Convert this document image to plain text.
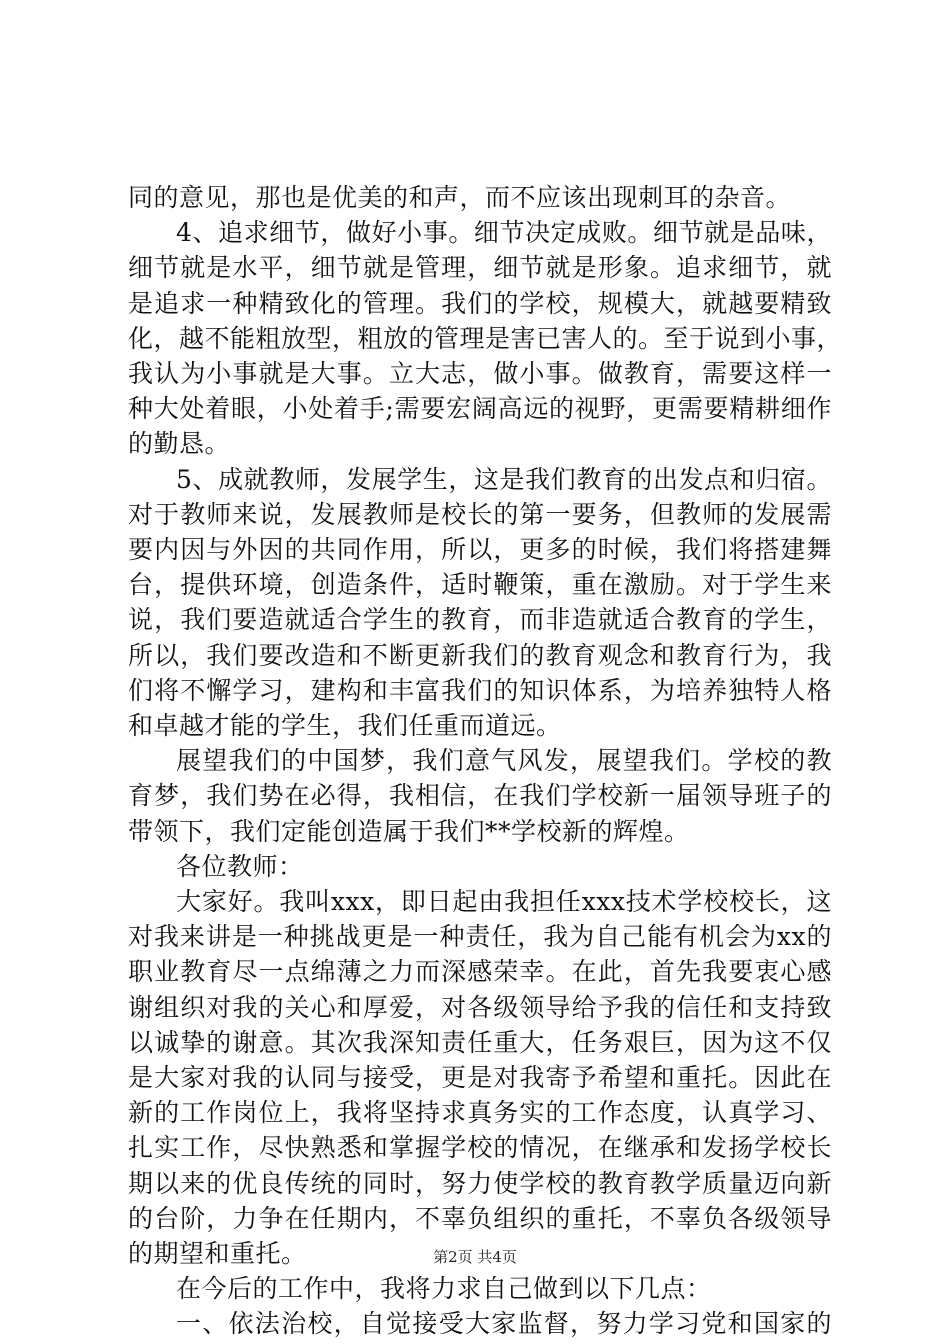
同的意见，那也是优美的和声，而不应该出现刺耳的杂音。
4、追求细节，做好小事。细节决定成败。细节就是品味，
细节就是水平，细节就是管理，细节就是形象。追求细节，就
是追求一种精致化的管理。我们的学校，规模大，就越要精致
化，越不能粗放型，粗放的管理是害已害人的。至于说到小事，
我认为小事就是大事。立大志，做小事。做教育，需要这样一
种大处着眼，小处着手;需要宏阔高远的视野，更需要精耕细作
的勤恳。
5、成就教师，发展学生，这是我们教育的出发点和归宿。
对于教师来说，发展教师是校长的第一要务，但教师的发展需
要内因与外因的共同作用，所以，更多的时候，我们将搭建舞
台，提供环境，创造条件，适时鞭策，重在激励。对于学生来
说，我们要造就适合学生的教育，而非造就适合教育的学生，
所以，我们要改造和不断更新我们的教育观念和教育行为，我
们将不懈学习，建构和丰富我们的知识体系，为培养独特人格
和卓越才能的学生，我们任重而道远。
展望我们的中国梦，我们意气风发，展望我们。学校的教
育梦，我们势在必得，我相信，在我们学校新一届领导班子的
带领下，我们定能创造属于我们**学校新的辉煌。
各位教师：
大家好。我叫xxx，即日起由我担任xxx技术学校校长，这
对我来讲是一种挑战更是一种责任，我为自己能有机会为xx的
职业教育尽一点绵薄之力而深感荣幸。在此，首先我要衷心感
谢组织对我的关心和厚爱，对各级领导给予我的信任和支持致
以诚挚的谢意。其次我深知责任重大，任务艰巨，因为这不仅
是大家对我的认同与接受，更是对我寄予希望和重托。因此在
新的工作岗位上，我将坚持求真务实的工作态度，认真学习、
扎实工作，尽快熟悉和掌握学校的情况，在继承和发扬学校长
期以来的优良传统的同时，努力使学校的教育教学质量迈向新
的台阶，力争在任期内，不辜负组织的重托，不辜负各级领导
的期望和重托。
在今后的工作中，我将力求自己做到以下几点：
一、依法治校，自觉接受大家监督，努力学习党和国家的
第2页 共4页
